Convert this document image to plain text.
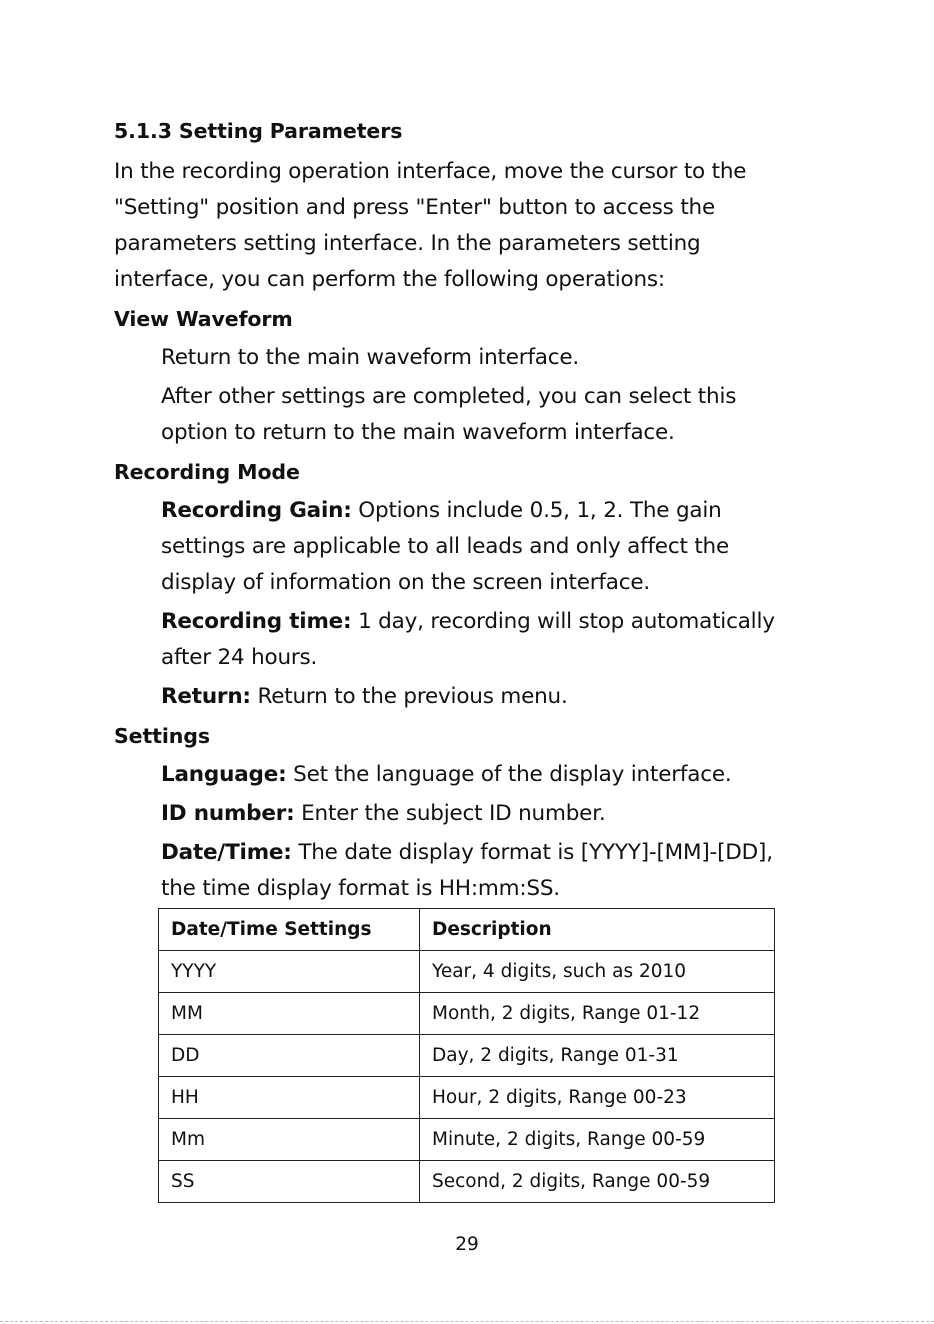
5.1.3 Setting Parameters
In the recording operation interface, move the cursor to the
"Setting" position and press "Enter" button to access the
parameters setting interface. In the parameters setting
interface, you can perform the following operations:
View Waveform
Return to the main waveform interface.
After other settings are completed, you can select this
option to return to the main waveform interface.
Recording Mode
Recording Gain: Options include 0.5, 1, 2. The gain
settings are applicable to all leads and only affect the
display of information on the screen interface.
Recording time: 1 day, recording will stop automatically
after 24 hours.
Return: Return to the previous menu.
Settings
Language: Set the language of the display interface.
ID number: Enter the subject ID number.
Date/Time: The date display format is [YYYY]-[MM]-[DD],
the time display format is HH:mm:SS.
Date/Time Settings	Description
YYYY	Year, 4 digits, such as 2010
MM	Month, 2 digits, Range 01-12
DD	Day, 2 digits, Range 01-31
HH	Hour, 2 digits, Range 00-23
Mm	Minute, 2 digits, Range 00-59
SS	Second, 2 digits, Range 00-59
29
